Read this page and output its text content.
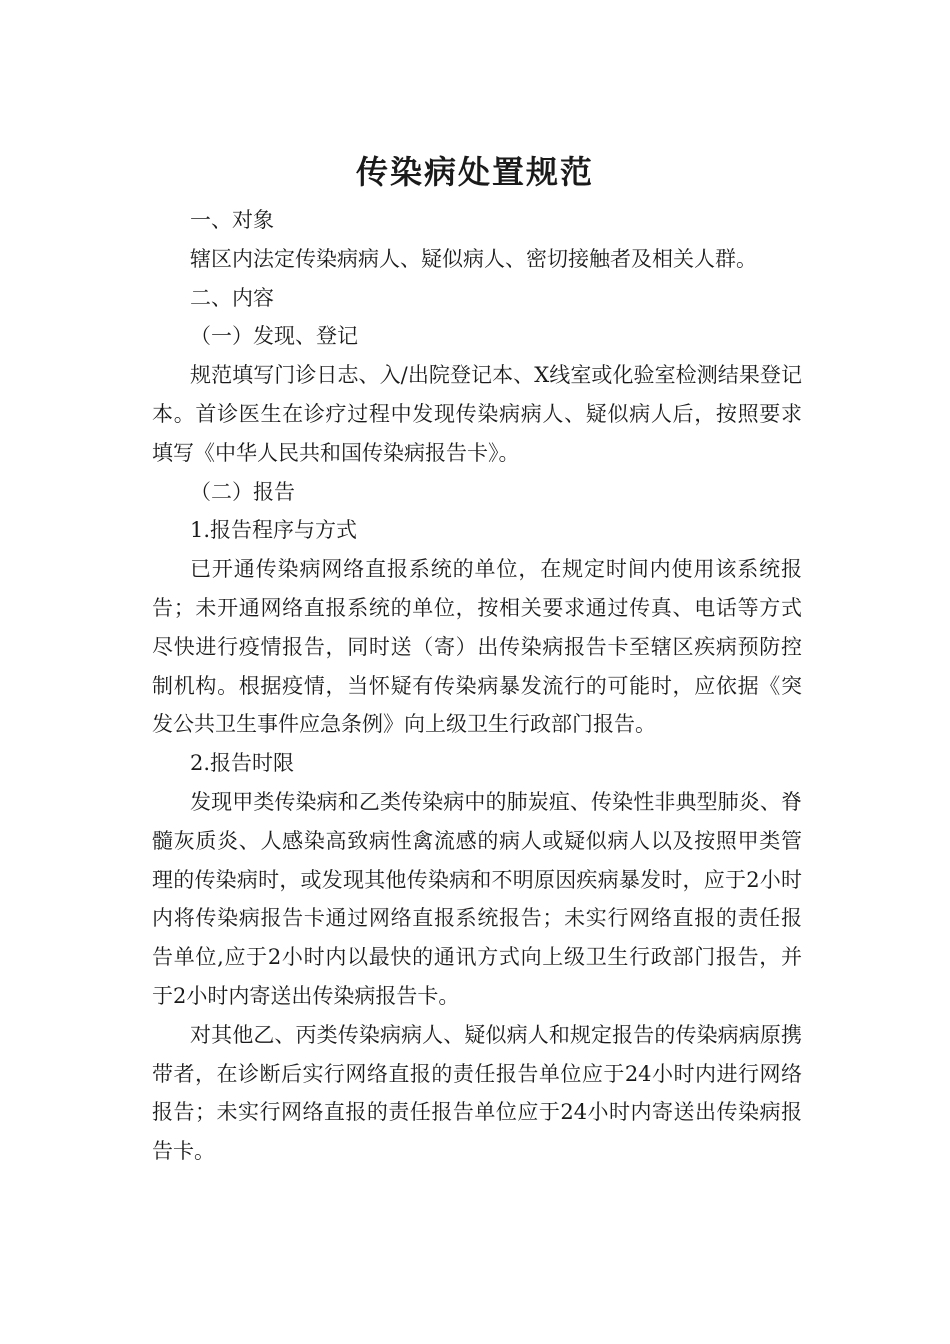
传染病处置规范

一、对象

辖区内法定传染病病人、疑似病人、密切接触者及相关人群。

二、内容

（一）发现、登记

规范填写门诊日志、入/出院登记本、X线室或化验室检测结果登记本。首诊医生在诊疗过程中发现传染病病人、疑似病人后，按照要求填写《中华人民共和国传染病报告卡》。

（二）报告

1.报告程序与方式

已开通传染病网络直报系统的单位，在规定时间内使用该系统报告；未开通网络直报系统的单位，按相关要求通过传真、电话等方式尽快进行疫情报告，同时送（寄）出传染病报告卡至辖区疾病预防控制机构。根据疫情，当怀疑有传染病暴发流行的可能时，应依据《突发公共卫生事件应急条例》向上级卫生行政部门报告。

2.报告时限

发现甲类传染病和乙类传染病中的肺炭疽、传染性非典型肺炎、脊髓灰质炎、人感染高致病性禽流感的病人或疑似病人以及按照甲类管理的传染病时，或发现其他传染病和不明原因疾病暴发时，应于2小时内将传染病报告卡通过网络直报系统报告；未实行网络直报的责任报告单位,应于2小时内以最快的通讯方式向上级卫生行政部门报告，并于2小时内寄送出传染病报告卡。

对其他乙、丙类传染病病人、疑似病人和规定报告的传染病病原携带者，在诊断后实行网络直报的责任报告单位应于24小时内进行网络报告；未实行网络直报的责任报告单位应于24小时内寄送出传染病报告卡。
